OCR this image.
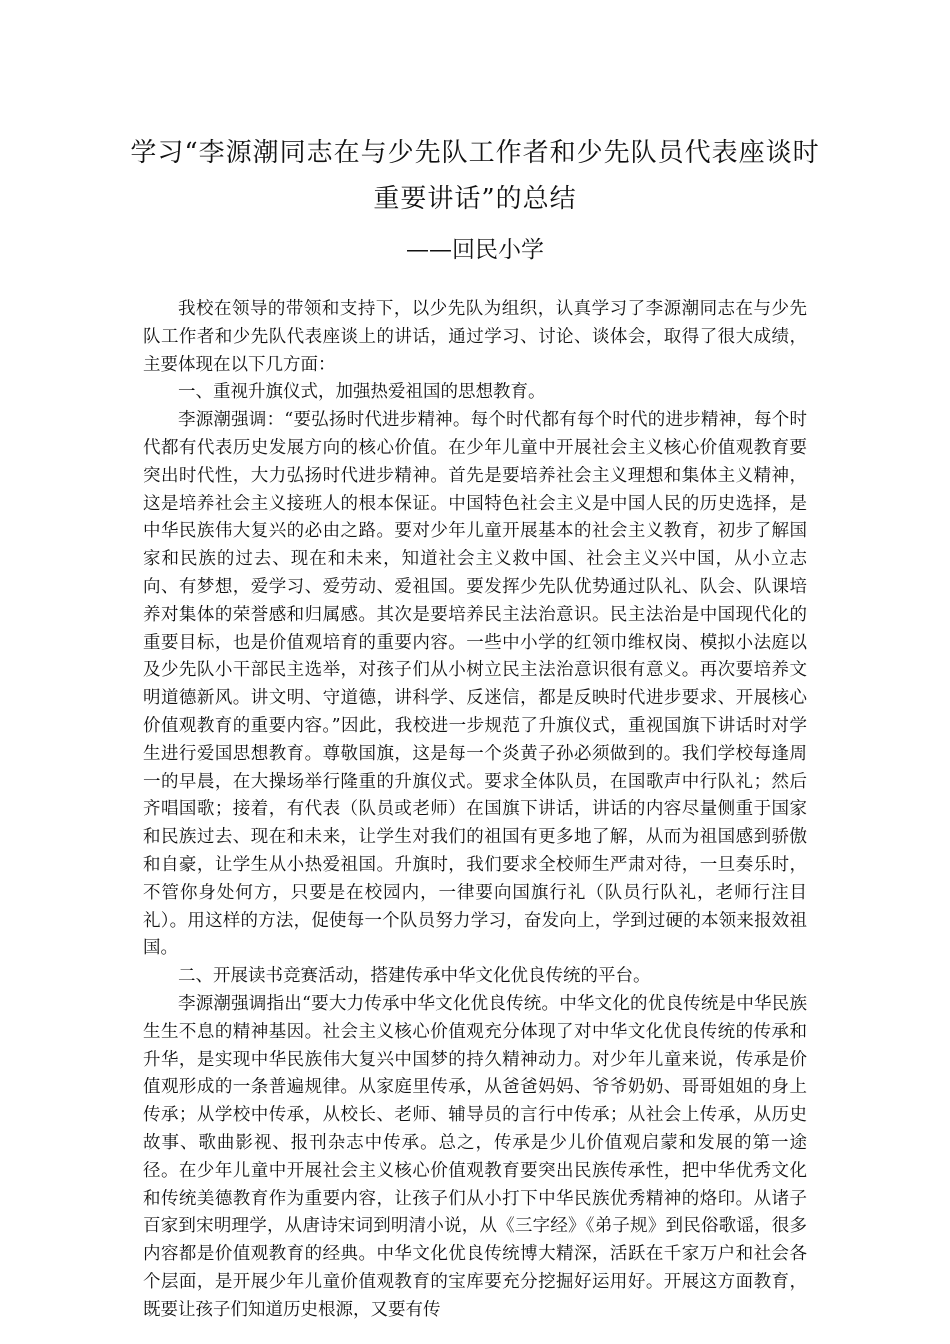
学习“李源潮同志在与少先队工作者和少先队员代表座谈时重要讲话”的总结
——回民小学

我校在领导的带领和支持下，以少先队为组织，认真学习了李源潮同志在与少先队工作者和少先队代表座谈上的讲话，通过学习、讨论、谈体会，取得了很大成绩，主要体现在以下几方面：

一、重视升旗仪式，加强热爱祖国的思想教育。

李源潮强调：“要弘扬时代进步精神。每个时代都有每个时代的进步精神，每个时代都有代表历史发展方向的核心价值。在少年儿童中开展社会主义核心价值观教育要突出时代性，大力弘扬时代进步精神。首先是要培养社会主义理想和集体主义精神，这是培养社会主义接班人的根本保证。中国特色社会主义是中国人民的历史选择，是中华民族伟大复兴的必由之路。要对少年儿童开展基本的社会主义教育，初步了解国家和民族的过去、现在和未来，知道社会主义救中国、社会主义兴中国，从小立志向、有梦想，爱学习、爱劳动、爱祖国。要发挥少先队优势通过队礼、队会、队课培养对集体的荣誉感和归属感。其次是要培养民主法治意识。民主法治是中国现代化的重要目标，也是价值观培育的重要内容。一些中小学的红领巾维权岗、模拟小法庭以及少先队小干部民主选举，对孩子们从小树立民主法治意识很有意义。再次要培养文明道德新风。讲文明、守道德，讲科学、反迷信，都是反映时代进步要求、开展核心价值观教育的重要内容。”因此，我校进一步规范了升旗仪式，重视国旗下讲话时对学生进行爱国思想教育。尊敬国旗，这是每一个炎黄子孙必须做到的。我们学校每逢周一的早晨，在大操场举行隆重的升旗仪式。要求全体队员，在国歌声中行队礼；然后齐唱国歌；接着，有代表（队员或老师）在国旗下讲话，讲话的内容尽量侧重于国家和民族过去、现在和未来，让学生对我们的祖国有更多地了解，从而为祖国感到骄傲和自豪，让学生从小热爱祖国。升旗时，我们要求全校师生严肃对待，一旦奏乐时，不管你身处何方，只要是在校园内，一律要向国旗行礼（队员行队礼，老师行注目礼）。用这样的方法，促使每一个队员努力学习，奋发向上，学到过硬的本领来报效祖国。

二、开展读书竞赛活动，搭建传承中华文化优良传统的平台。

李源潮强调指出“要大力传承中华文化优良传统。中华文化的优良传统是中华民族生生不息的精神基因。社会主义核心价值观充分体现了对中华文化优良传统的传承和升华，是实现中华民族伟大复兴中国梦的持久精神动力。对少年儿童来说，传承是价值观形成的一条普遍规律。从家庭里传承，从爸爸妈妈、爷爷奶奶、哥哥姐姐的身上传承；从学校中传承，从校长、老师、辅导员的言行中传承；从社会上传承，从历史故事、歌曲影视、报刊杂志中传承。总之，传承是少儿价值观启蒙和发展的第一途径。在少年儿童中开展社会主义核心价值观教育要突出民族传承性，把中华优秀文化和传统美德教育作为重要内容，让孩子们从小打下中华民族优秀精神的烙印。从诸子百家到宋明理学，从唐诗宋词到明清小说，从《三字经》《弟子规》到民俗歌谣，很多内容都是价值观教育的经典。中华文化优良传统博大精深，活跃在千家万户和社会各个层面，是开展少年儿童价值观教育的宝库要充分挖掘好运用好。开展这方面教育，既要让孩子们知道历史根源，又要有传
